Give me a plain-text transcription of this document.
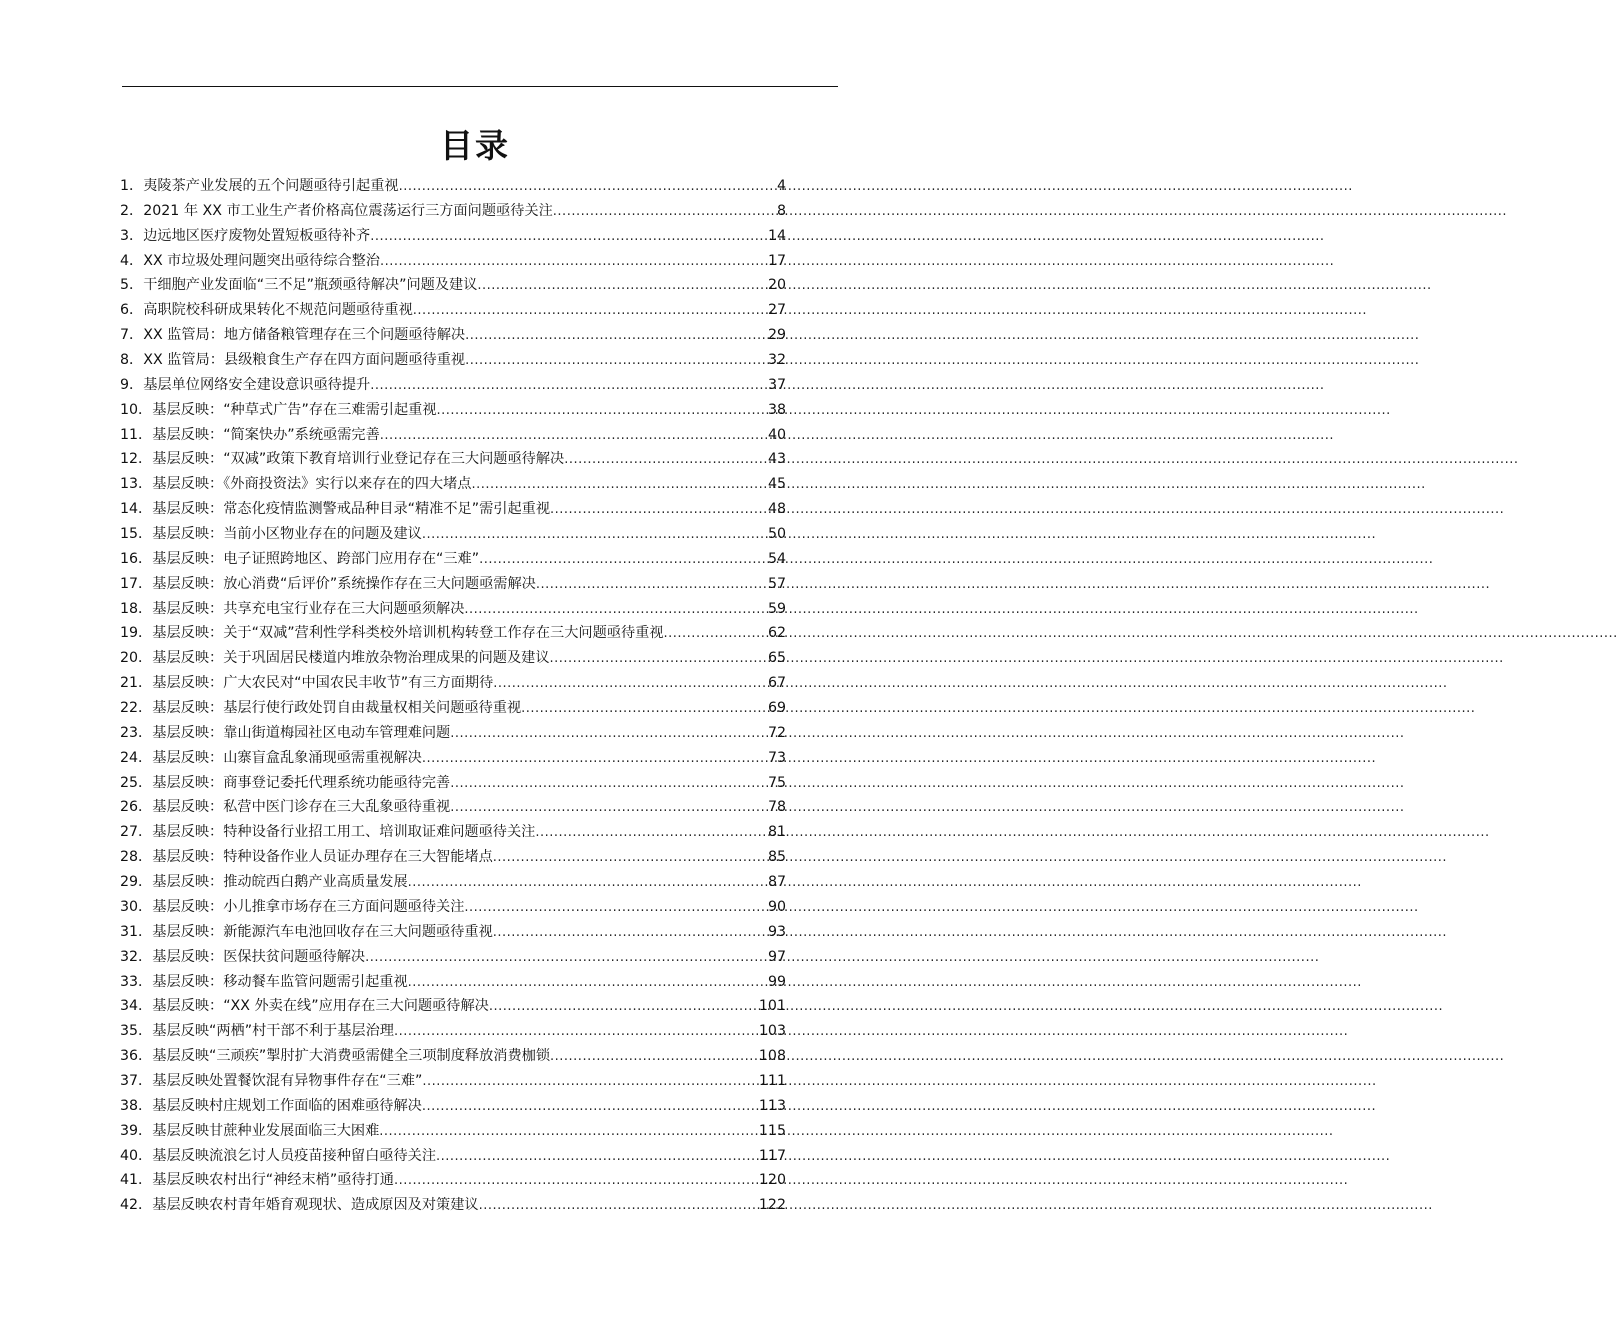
目录
1． 夷陵茶产业发展的五个问题亟待引起重视 .....	4
2． 2021 年 XX 市工业生产者价格高位震荡运行三方面问题亟待关注 .....	8
3． 边远地区医疗废物处置短板亟待补齐 .....	14
4． XX 市垃圾处理问题突出亟待综合整治 .....	17
5． 干细胞产业发面临“三不足”瓶颈亟待解决”问题及建议 .....	20
6． 高职院校科研成果转化不规范问题亟待重视 .....	27
7． XX 监管局：地方储备粮管理存在三个问题亟待解决 .....	29
8． XX 监管局：县级粮食生产存在四方面问题亟待重视 .....	32
9． 基层单位网络安全建设意识亟待提升 .....	37
10． 基层反映：“种草式广告”存在三难需引起重视 .....	38
11． 基层反映：“简案快办”系统亟需完善 .....	40
12． 基层反映：“双减”政策下教育培训行业登记存在三大问题亟待解决 .....	43
13． 基层反映：《外商投资法》实行以来存在的四大堵点 .....	45
14． 基层反映：常态化疫情监测警戒品种目录“精准不足”需引起重视 .....	48
15． 基层反映：当前小区物业存在的问题及建议 .....	50
16． 基层反映：电子证照跨地区、跨部门应用存在“三难” .....	54
17． 基层反映：放心消费“后评价”系统操作存在三大问题亟需解决 .....	57
18． 基层反映：共享充电宝行业存在三大问题亟须解决 .....	59
19． 基层反映：关于“双减”营利性学科类校外培训机构转登工作存在三大问题亟待重视 .....	62
20． 基层反映：关于巩固居民楼道内堆放杂物治理成果的问题及建议 .....	65
21． 基层反映：广大农民对“中国农民丰收节”有三方面期待 .....	67
22． 基层反映：基层行使行政处罚自由裁量权相关问题亟待重视 .....	69
23． 基层反映：靠山街道梅园社区电动车管理难问题 .....	72
24． 基层反映：山寨盲盒乱象涌现亟需重视解决 .....	73
25． 基层反映：商事登记委托代理系统功能亟待完善 .....	75
26． 基层反映：私营中医门诊存在三大乱象亟待重视 .....	78
27． 基层反映：特种设备行业招工用工、培训取证难问题亟待关注 .....	81
28． 基层反映：特种设备作业人员证办理存在三大智能堵点 .....	85
29． 基层反映：推动皖西白鹅产业高质量发展 .....	87
30． 基层反映：小儿推拿市场存在三方面问题亟待关注 .....	90
31． 基层反映：新能源汽车电池回收存在三大问题亟待重视 .....	93
32． 基层反映：医保扶贫问题亟待解决 .....	97
33． 基层反映：移动餐车监管问题需引起重视 .....	99
34． 基层反映：“XX 外卖在线”应用存在三大问题亟待解决 .....	101
35． 基层反映“两栖”村干部不利于基层治理 .....	103
36． 基层反映“三顽疾”掣肘扩大消费亟需健全三项制度释放消费枷锁 .....	108
37． 基层反映处置餐饮混有异物事件存在“三难” .....	111
38． 基层反映村庄规划工作面临的困难亟待解决 .....	113
39． 基层反映甘蔗种业发展面临三大困难 .....	115
40． 基层反映流浪乞讨人员疫苗接种留白亟待关注 .....	117
41． 基层反映农村出行“神经末梢”亟待打通 .....	120
42． 基层反映农村青年婚育观现状、造成原因及对策建议 .....	122
